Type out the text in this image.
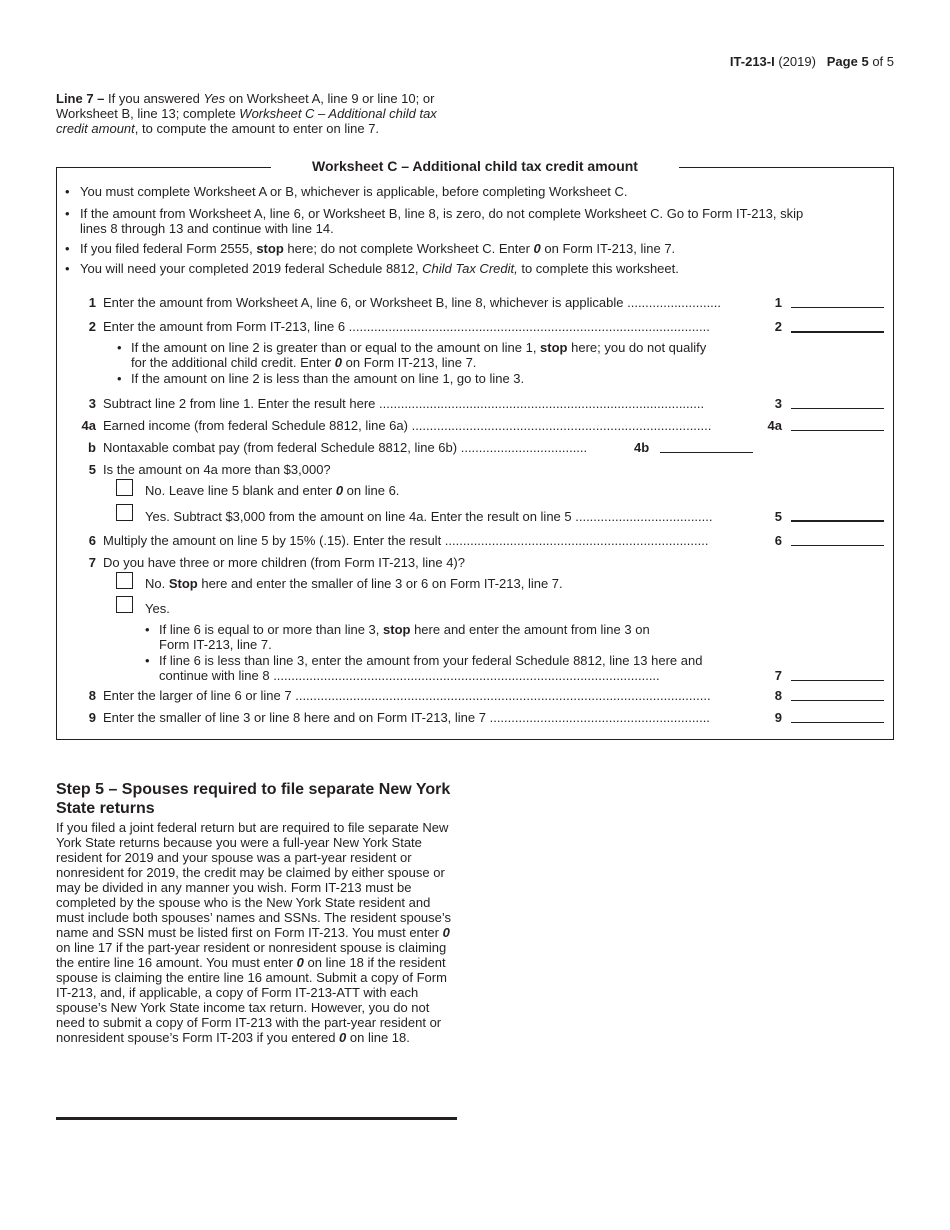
IT-213-I (2019) Page 5 of 5
Line 7 – If you answered Yes on Worksheet A, line 9 or line 10; or Worksheet B, line 13; complete Worksheet C – Additional child tax credit amount, to compute the amount to enter on line 7.
Worksheet C – Additional child tax credit amount
• You must complete Worksheet A or B, whichever is applicable, before completing Worksheet C.
• If the amount from Worksheet A, line 6, or Worksheet B, line 8, is zero, do not complete Worksheet C. Go to Form IT-213, skip
lines 8 through 13 and continue with line 14.
• If you filed federal Form 2555, stop here; do not complete Worksheet C. Enter 0 on Form IT-213, line 7.
• You will need your completed 2019 federal Schedule 8812, Child Tax Credit, to complete this worksheet.
1 Enter the amount from Worksheet A, line 6, or Worksheet B, line 8, whichever is applicable ..........................	1
2 Enter the amount from Form IT-213, line 6 ....................................................................................................	2
• If the amount on line 2 is greater than or equal to the amount on line 1, stop here; you do not qualify
for the additional child credit. Enter 0 on Form IT-213, line 7.
• If the amount on line 2 is less than the amount on line 1, go to line 3.
3 Subtract line 2 from line 1. Enter the result here ..........................................................................................	3
4a Earned income (from federal Schedule 8812, line 6a) ...................................................................................	4a
b Nontaxable combat pay (from federal Schedule 8812, line 6b) ...................................	4b
5 Is the amount on 4a more than $3,000?
No. Leave line 5 blank and enter 0 on line 6.
Yes. Subtract $3,000 from the amount on line 4a. Enter the result on line 5 ......................................	5
6 Multiply the amount on line 5 by 15% (.15). Enter the result .........................................................................	6
7 Do you have three or more children (from Form IT-213, line 4)?
No. Stop here and enter the smaller of line 3 or 6 on Form IT-213, line 7.
Yes.
• If line 6 is equal to or more than line 3, stop here and enter the amount from line 3 on
Form IT-213, line 7.
• If line 6 is less than line 3, enter the amount from your federal Schedule 8812, line 13 here and
continue with line 8 ...........................................................................................................	7
8 Enter the larger of line 6 or line 7 ...................................................................................................................	8
9 Enter the smaller of line 3 or line 8 here and on Form IT-213, line 7 .............................................................	9
Step 5 – Spouses required to file separate New York State returns
If you filed a joint federal return but are required to file separate New York State returns because you were a full-year New York State resident for 2019 and your spouse was a part-year resident or nonresident for 2019, the credit may be claimed by either spouse or may be divided in any manner you wish. Form IT-213 must be completed by the spouse who is the New York State resident and must include both spouses’ names and SSNs. The resident spouse’s name and SSN must be listed first on Form IT-213. You must enter 0 on line 17 if the part-year resident or nonresident spouse is claiming the entire line 16 amount. You must enter 0 on line 18 if the resident spouse is claiming the entire line 16 amount. Submit a copy of Form IT-213, and, if applicable, a copy of Form IT-213-ATT with each spouse’s New York State income tax return. However, you do not need to submit a copy of Form IT-213 with the part-year resident or nonresident spouse’s Form IT-203 if you entered 0 on line 18.
